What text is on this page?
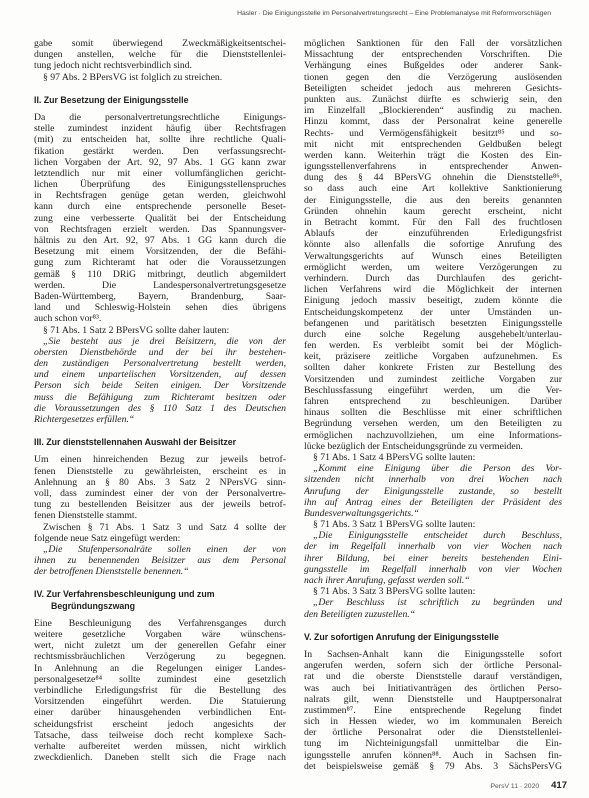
Hasler · Die Einigungsstelle im Personalvertretungsrecht – Eine Problemanalyse mit Reformvorschlägen
gabe somit überwiegend Zweckmäßigkeitsentschei-
dungen anstellen, welche für die Dienststellenlei-
tung jedoch nicht rechtsverbindlich sind.
§ 97 Abs. 2 BPersVG ist folglich zu streichen.
II. Zur Besetzung der Einigungsstelle
Da die personalvertretungsrechtliche Einigungs-
stelle zumindest inzident häufig über Rechtsfragen
(mit) zu entscheiden hat, sollte ihre rechtliche Quali-
fikation gestärkt werden. Den verfassungsrecht-
lichen Vorgaben der Art. 92, 97 Abs. 1 GG kann zwar
letztendlich nur mit einer vollumfänglichen gericht-
lichen Überprüfung des Einigungsstellenspruches
in Rechtsfragen genüge getan werden, gleichwohl
kann durch eine entsprechende personelle Beset-
zung eine verbesserte Qualität bei der Entscheidung
von Rechtsfragen erzielt werden. Das Spannungsver-
hältnis zu den Art. 92, 97 Abs. 1 GG kann durch die
Besetzung mit einem Vorsitzenden, der die Befähi-
gung zum Richteramt hat oder die Voraussetzungen
gemäß § 110 DRiG mitbringt, deutlich abgemildert
werden. Die Landespersonalvertretungsgesetze
Baden-Württemberg, Bayern, Brandenburg, Saar-
land und Schleswig-Holstein sehen dies übrigens
auch schon vor⁸³.
§ 71 Abs. 1 Satz 2 BPersVG sollte daher lauten:
„Sie besteht aus je drei Beisitzern, die von der
obersten Dienstbehörde und der bei ihr bestehen-
den zuständigen Personalvertretung bestellt werden,
und einem unparteiischen Vorsitzenden, auf dessen
Person sich beide Seiten einigen. Der Vorsitzende
muss die Befähigung zum Richteramt besitzen oder
die Voraussetzungen des § 110 Satz 1 des Deutschen
Richtergesetzes erfüllen.“
III. Zur dienststellennahen Auswahl der Beisitzer
Um einen hinreichenden Bezug zur jeweils betrof-
fenen Dienststelle zu gewährleisten, erscheint es in
Anlehnung an § 80 Abs. 3 Satz 2 NPersVG sinn-
voll, dass zumindest einer der von der Personalvertre-
tung zu bestellenden Beisitzer aus der jeweils betrof-
fenen Dienststelle stammt.
Zwischen § 71 Abs. 1 Satz 3 und Satz 4 sollte der
folgende neue Satz eingefügt werden:
„Die Stufenpersonalräte sollen einen der von
ihnen zu benennenden Beisitzer aus dem Personal
der betroffenen Dienststelle benennen.“
IV. Zur Verfahrensbeschleunigung und zum
Begründungszwang
Eine Beschleunigung des Verfahrensganges durch
weitere gesetzliche Vorgaben wäre wünschens-
wert, nicht zuletzt um der generellen Gefahr einer
rechtsmissbräuchlichen Verzögerung zu begegnen.
In Anlehnung an die Regelungen einiger Landes-
personalgesetze⁸⁴ sollte zumindest eine gesetzlich
verbindliche Erledigungsfrist für die Bestellung des
Vorsitzenden eingeführt werden. Die Statuierung
einer darüber hinausgehenden verbindlichen Ent-
scheidungsfrist erscheint jedoch angesichts der
Tatsache, dass teilweise doch recht komplexe Sach-
verhalte aufbereitet werden müssen, nicht wirklich
zweckdienlich. Daneben stellt sich die Frage nach
möglichen Sanktionen für den Fall der vorsätzlichen
Missachtung der entsprechenden Vorschriften. Die
Verhängung eines Bußgeldes oder anderer Sank-
tionen gegen den die Verzögerung auslösenden
Beteiligten scheidet jedoch aus mehreren Gesichts-
punkten aus. Zunächst dürfte es schwierig sein, den
im Einzelfall „Blockierenden“ ausfindig zu machen.
Hinzu kommt, dass der Personalrat keine generelle
Rechts- und Vermögensfähigkeit besitzt⁸⁵ und so-
mit nicht mit entsprechenden Geldbußen belegt
werden kann. Weiterhin trägt die Kosten des Ein-
igungsstellenverfahrens in entsprechender Anwen-
dung des § 44 BPersVG ohnehin die Dienststelle⁸⁶,
so dass auch eine Art kollektive Sanktionierung
der Einigungsstelle, die aus den bereits genannten
Gründen ohnehin kaum gerecht erscheint, nicht
in Betracht kommt. Für den Fall des fruchtlosen
Ablaufs der einzuführenden Erledigungsfrist
könnte also allenfalls die sofortige Anrufung des
Verwaltungsgerichts auf Wunsch eines Beteiligten
ermöglicht werden, um weitere Verzögerungen zu
verhindern. Durch das Durchlaufen des gericht-
lichen Verfahrens wird die Möglichkeit der internen
Einigung jedoch massiv beseitigt, zudem könnte die
Entscheidungskompetenz der unter Umständen un-
befangenen und paritätisch besetzten Einigungsstelle
durch eine solche Regelung ausgehebelt/unterlau-
fen werden. Es verbleibt somit bei der Möglich-
keit, präzisere zeitliche Vorgaben aufzunehmen. Es
sollten daher konkrete Fristen zur Bestellung des
Vorsitzenden und zumindest zeitliche Vorgaben zur
Beschlussfassung eingeführt werden, um die Ver-
fahren entsprechend zu beschleunigen. Darüber
hinaus sollten die Beschlüsse mit einer schriftlichen
Begründung versehen werden, um den Beteiligten zu
ermöglichen nachzuvollziehen, um eine Informations-
lücke bezüglich der Entscheidungsgründe zu vermeiden.
§ 71 Abs. 1 Satz 4 BPersVG sollte lauten:
„Kommt eine Einigung über die Person des Vor-
sitzenden nicht innerhalb von drei Wochen nach
Anrufung der Einigungsstelle zustande, so bestellt
ihn auf Antrag eines der Beteiligten der Präsident des
Bundesverwaltungsgerichts.“
§ 71 Abs. 3 Satz 1 BPersVG sollte lauten:
„Die Einigungsstelle entscheidet durch Beschluss,
der im Regelfall innerhalb von vier Wochen nach
ihrer Bildung, bei einer bereits bestehenden Eini-
gungsstelle im Regelfall innerhalb von vier Wochen
nach ihrer Anrufung, gefasst werden soll.“
§ 71 Abs. 3 Satz 3 BPersVG sollte lauten:
„Der Beschluss ist schriftlich zu begründen und
den Beteiligten zuzustellen.“
V. Zur sofortigen Anrufung der Einigungsstelle
In Sachsen-Anhalt kann die Einigungsstelle sofort
angerufen werden, sofern sich der örtliche Personal-
rat und die oberste Dienststelle darauf verständigen,
was auch bei Initiativanträgen des örtlichen Perso-
nalrats gilt, wenn Dienststelle und Hauptpersonalrat
zustimmen⁸⁷. Eine entsprechende Regelung findet
sich in Hessen wieder, wo im kommunalen Bereich
der örtliche Personalrat oder die Dienststellenlei-
tung im Nichteinigungsfall unmittelbar die Ein-
igungsstelle anrufen können⁸⁸. Auch in Sachsen fin-
det beispielsweise gemäß § 79 Abs. 3 SächsPersVG
PersV 11 · 2020 417
